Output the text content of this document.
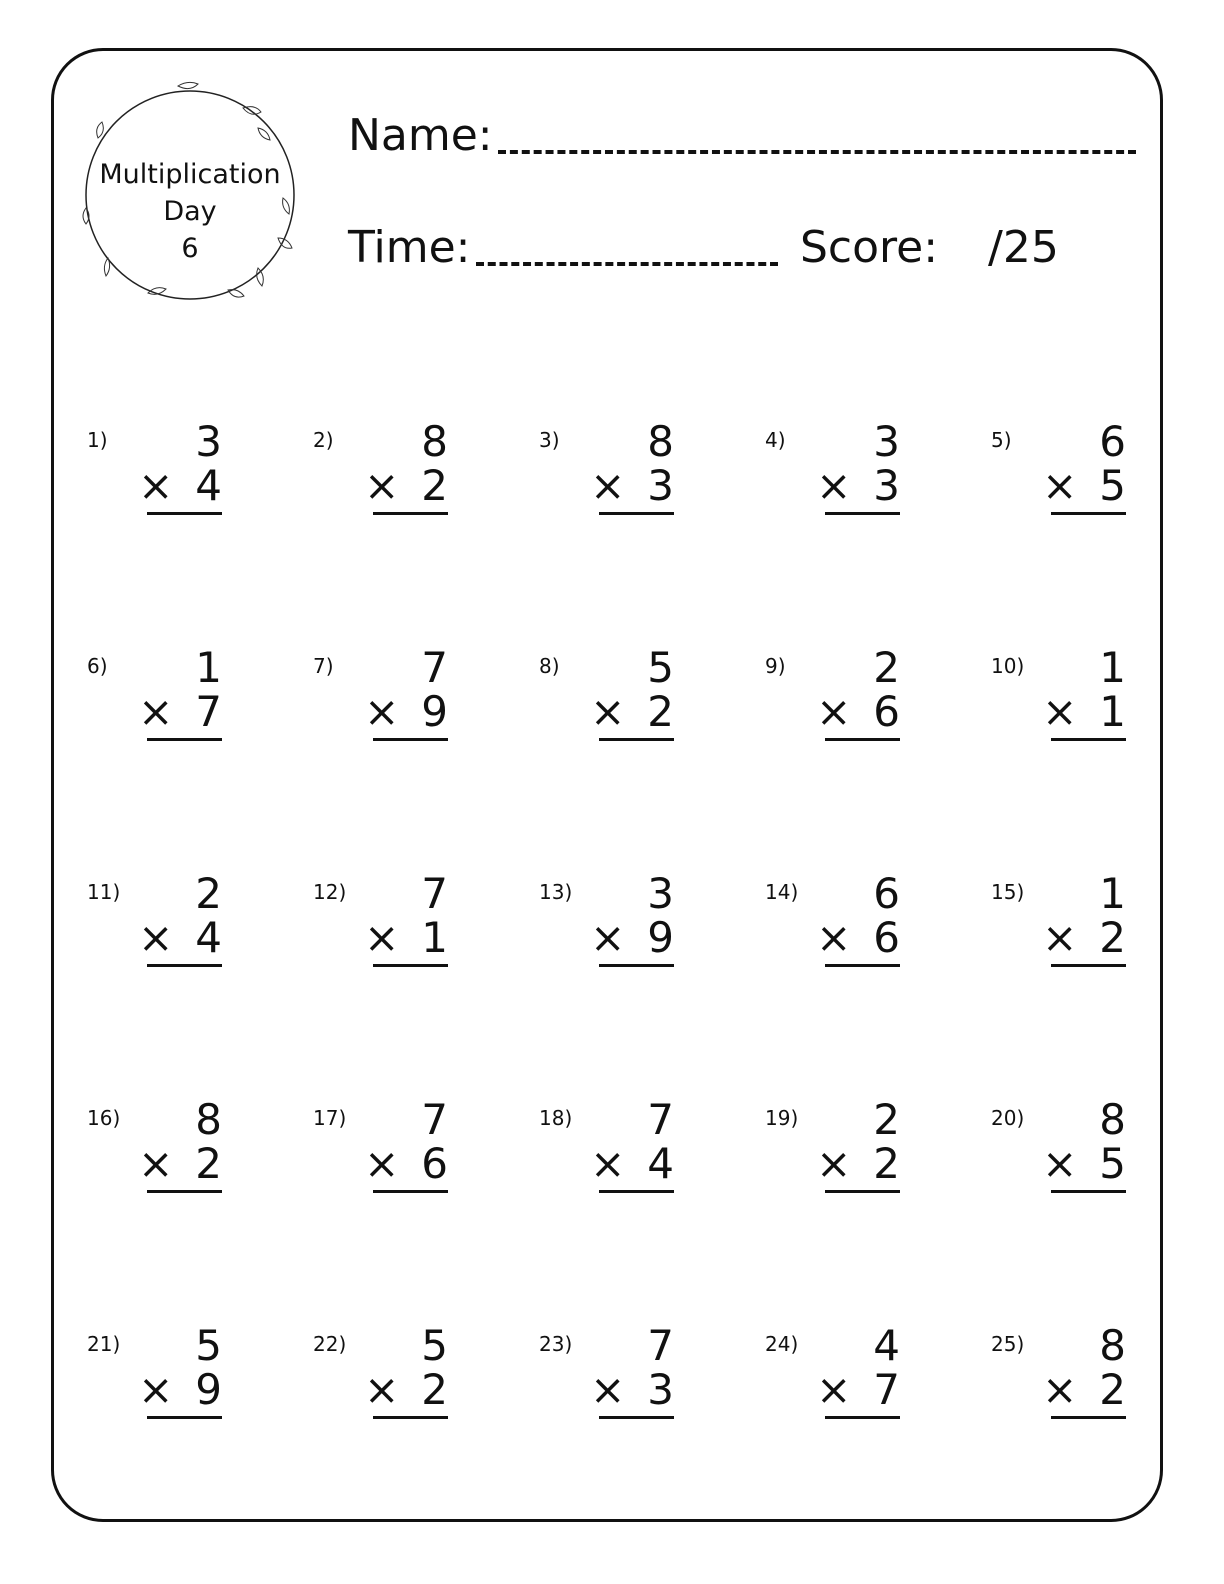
Multiplication
Day
6
Name:
Time:	Score: /25
1) 3
× 4
2) 8
× 2
3) 8
× 3
4) 3
× 3
5) 6
× 5
6) 1
× 7
7) 7
× 9
8) 5
× 2
9) 2
× 6
10) 1
× 1
11) 2
× 4
12) 7
× 1
13) 3
× 9
14) 6
× 6
15) 1
× 2
16) 8
× 2
17) 7
× 6
18) 7
× 4
19) 2
× 2
20) 8
× 5
21) 5
× 9
22) 5
× 2
23) 7
× 3
24) 4
× 7
25) 8
× 2
